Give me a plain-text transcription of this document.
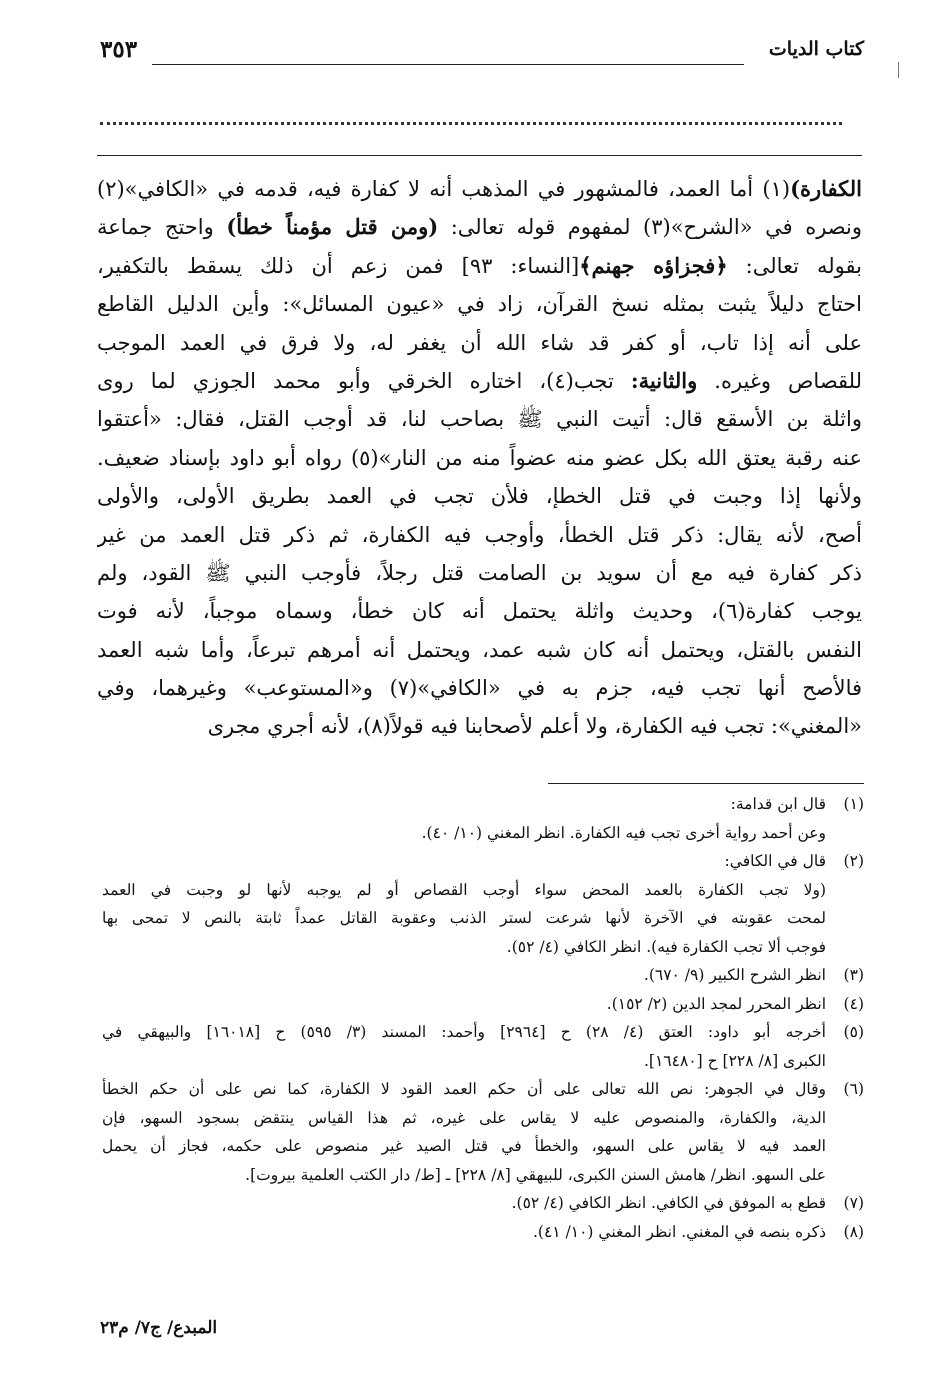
كتاب الديات
٣٥٣
الكفارة)(١) أما العمد، فالمشهور في المذهب أنه لا كفارة فيه، قدمه في «الكافي»(٢)
ونصره في «الشرح»(٣) لمفهوم قوله تعالى: (ومن قتل مؤمناً خطأ) واحتج جماعة
بقوله تعالى: ﴿فجزاؤه جهنم﴾[النساء: ٩٣] فمن زعم أن ذلك يسقط بالتكفير،
احتاج دليلاً يثبت بمثله نسخ القرآن، زاد في «عيون المسائل»: وأين الدليل القاطع
على أنه إذا تاب، أو كفر قد شاء الله أن يغفر له، ولا فرق في العمد الموجب
للقصاص وغيره. والثانية: تجب(٤)، اختاره الخرقي وأبو محمد الجوزي لما روى
واثلة بن الأسقع قال: أتيت النبي ﷺ بصاحب لنا، قد أوجب القتل، فقال: «أعتقوا
عنه رقبة يعتق الله بكل عضو منه عضواً منه من النار»(٥) رواه أبو داود بإسناد ضعيف.
ولأنها إذا وجبت في قتل الخطإ، فلأن تجب في العمد بطريق الأولى، والأولى
أصح، لأنه يقال: ذكر قتل الخطأ، وأوجب فيه الكفارة، ثم ذكر قتل العمد من غير
ذكر كفارة فيه مع أن سويد بن الصامت قتل رجلاً، فأوجب النبي ﷺ القود، ولم
يوجب كفارة(٦)، وحديث واثلة يحتمل أنه كان خطأ، وسماه موجباً، لأنه فوت
النفس بالقتل، ويحتمل أنه كان شبه عمد، ويحتمل أنه أمرهم تبرعاً، وأما شبه العمد
فالأصح أنها تجب فيه، جزم به في «الكافي»(٧) و«المستوعب» وغيرهما، وفي
«المغني»: تجب فيه الكفارة، ولا أعلم لأصحابنا فيه قولاً(٨)، لأنه أجري مجرى
(١)
قال ابن قدامة:
وعن أحمد رواية أخرى تجب فيه الكفارة. انظر المغني (١٠/ ٤٠).
(٢)
قال في الكافي:
(ولا تجب الكفارة بالعمد المحض سواء أوجب القصاص أو لم يوجبه لأنها لو وجبت في العمد
لمحت عقوبته في الآخرة لأنها شرعت لستر الذنب وعقوبة القاتل عمداً ثابتة بالنص لا تمحى بها
فوجب ألا تجب الكفارة فيه). انظر الكافي (٤/ ٥٢).
(٣)
انظر الشرح الكبير (٩/ ٦٧٠).
(٤)
انظر المحرر لمجد الدين (٢/ ١٥٢).
(٥)
أخرجه أبو داود: العتق (٤/ ٢٨) ح [٢٩٦٤] وأحمد: المسند (٣/ ٥٩٥) ح [١٦٠١٨] والبيهقي في
الكبرى [٨/ ٢٢٨] ح [١٦٤٨٠].
(٦)
وقال في الجوهر: نص الله تعالى على أن حكم العمد القود لا الكفارة، كما نص على أن حكم الخطأ
الدية، والكفارة، والمنصوص عليه لا يقاس على غيره، ثم هذا القياس ينتقض بسجود السهو، فإن
العمد فيه لا يقاس على السهو، والخطأ في قتل الصيد غير منصوص على حكمه، فجاز أن يحمل
على السهو. انظر/ هامش السنن الكبرى، للبيهقي [٨/ ٢٢٨] ـ [ط/ دار الكتب العلمية بيروت].
(٧)
قطع به الموفق في الكافي. انظر الكافي (٤/ ٥٢).
(٨)
ذكره بنصه في المغني. انظر المغني (١٠/ ٤١).
المبدع/ ج٧/ م٢٣
